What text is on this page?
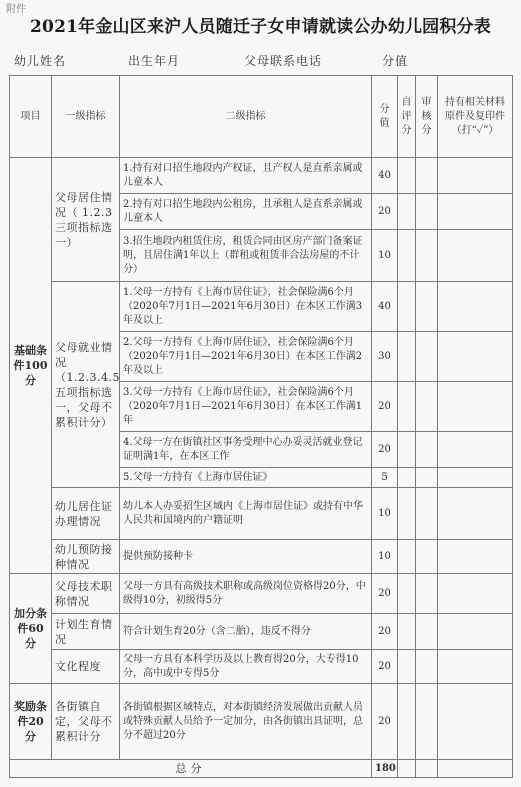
附件
2021年金山区来沪人员随迁子女申请就读公办幼儿园积分表
幼儿姓名	出生年月	父母联系电话	分值
项目	一级指标	二级指标	分值	自评分	审核分	持有相关材料原件及复印件（打“✓”）
基础条件100分	父母居住情况（ 1.2.3三项指标选一）	1.持有对口招生地段内产权证，且产权人是直系亲属或儿童本人	40			
		2.持有对口招生地段内公租房，且承租人是直系亲属或儿童本人	20			
		3.招生地段内租赁住房，租赁合同由区房产部门备案证明，且居住满1年以上（群租或租赁非合法房屋的不计分）	10			
	父母就业情况（1.2.3.4.5五项指标选一，父母不累积计分）	1.父母一方持有《上海市居住证》，社会保险满6个月（2020年7月1日—2021年6月30日）在本区工作满3年及以上	40			
		2.父母一方持有《上海市居住证》，社会保险满6个月（2020年7月1日—2021年6月30日）在本区工作满2年及以上	30			
		3.父母一方持有《上海市居住证》，社会保险满6个月（2020年7月1日—2021年6月30日）在本区工作满1年	20			
		4.父母一方在街镇社区事务受理中心办妥灵活就业登记证明满1年，在本区工作	20			
		5.父母一方持有《上海市居住证》	5			
	幼儿居住证办理情况	幼儿本人办妥招生区域内《上海市居住证》或持有中华人民共和国境内的户籍证明	10			
	幼儿预防接种情况	提供预防接种卡	10			
加分条件60分	父母技术职称情况	父母一方具有高级技术职称或高级岗位资格得20分，中级得10分，初级得5分	20			
	计划生育情况	符合计划生育20分（含二胎），违反不得分	20			
	文化程度	父母一方具有本科学历及以上教育得20分，大专得10分，高中或中专得5分	20			
奖励条件20分	各街镇自定，父母不累积计分	各街镇根据区域特点，对本街镇经济发展做出贡献人员或特殊贡献人员给予一定加分，由各街镇出具证明，总分不超过20分	20			
总分			180			
